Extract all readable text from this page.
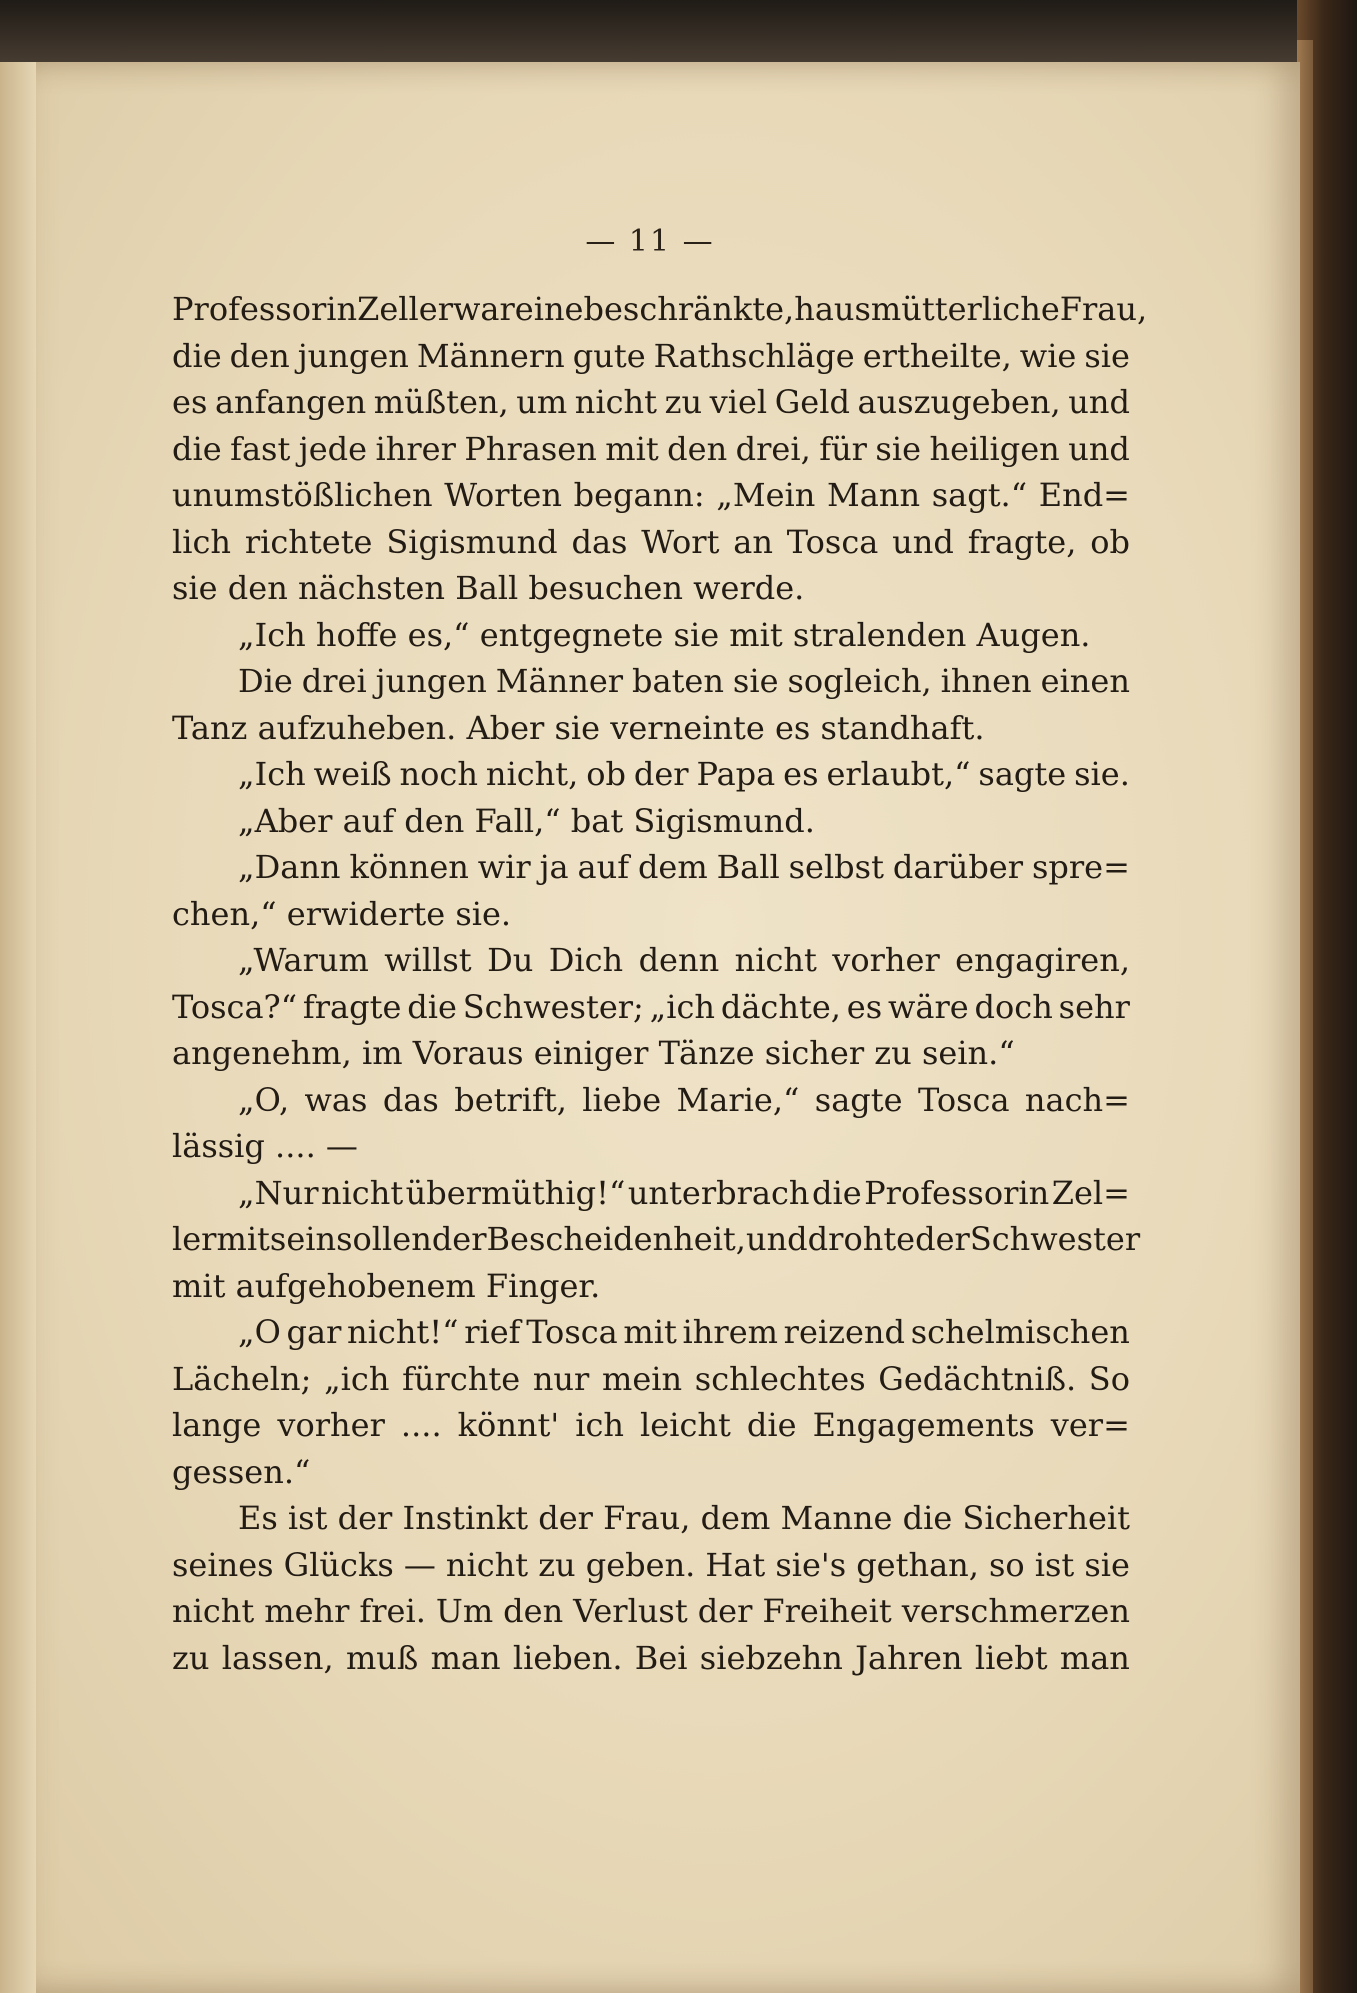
— 11 —
Professorin Zeller war eine beschränkte, hausmütterliche Frau,
die den jungen Männern gute Rathschläge ertheilte, wie sie
es anfangen müßten, um nicht zu viel Geld auszugeben, und
die fast jede ihrer Phrasen mit den drei, für sie heiligen und
unumstößlichen Worten begann: „Mein Mann sagt.“ End=
lich richtete Sigismund das Wort an Tosca und fragte, ob
sie den nächsten Ball besuchen werde.
„Ich hoffe es,“ entgegnete sie mit stralenden Augen.
Die drei jungen Männer baten sie sogleich, ihnen einen
Tanz aufzuheben. Aber sie verneinte es standhaft.
„Ich weiß noch nicht, ob der Papa es erlaubt,“ sagte sie.
„Aber auf den Fall,“ bat Sigismund.
„Dann können wir ja auf dem Ball selbst darüber spre=
chen,“ erwiderte sie.
„Warum willst Du Dich denn nicht vorher engagiren,
Tosca?“ fragte die Schwester; „ich dächte, es wäre doch sehr
angenehm, im Voraus einiger Tänze sicher zu sein.“
„O, was das betrift, liebe Marie,“ sagte Tosca nach=
lässig .... —
„Nur nicht übermüthig!“ unterbrach die Professorin Zel=
ler mit seinsollender Bescheidenheit, und drohte der Schwester
mit aufgehobenem Finger.
„O gar nicht!“ rief Tosca mit ihrem reizend schelmischen
Lächeln; „ich fürchte nur mein schlechtes Gedächtniß. So
lange vorher .... könnt' ich leicht die Engagements ver=
gessen.“
Es ist der Instinkt der Frau, dem Manne die Sicherheit
seines Glücks — nicht zu geben. Hat sie's gethan, so ist sie
nicht mehr frei. Um den Verlust der Freiheit verschmerzen
zu lassen, muß man lieben. Bei siebzehn Jahren liebt man
